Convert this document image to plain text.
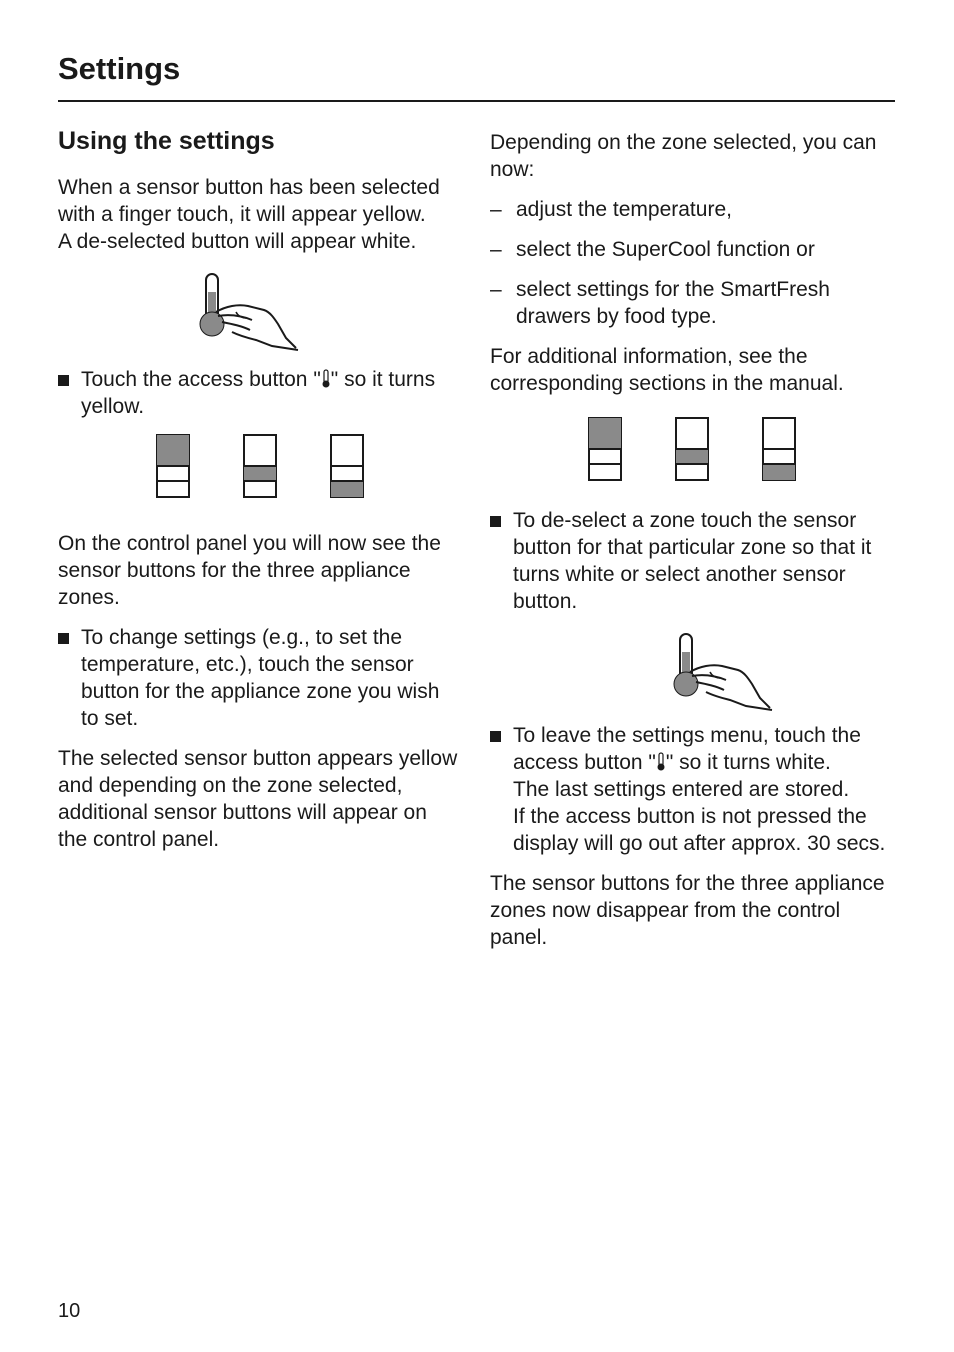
Settings
Using the settings

When a sensor button has been selected with a finger touch, it will appear yellow.
A de-selected button will appear white.

Touch the access button " " so it turns yellow.

On the control panel you will now see the sensor buttons for the three appliance zones.

To change settings (e.g., to set the temperature, etc.), touch the sensor button for the appliance zone you wish to set.

The selected sensor button appears yellow and depending on the zone selected, additional sensor buttons will appear on the control panel.

Depending on the zone selected, you can now:

– adjust the temperature,
– select the SuperCool function or
– select settings for the SmartFresh drawers by food type.

For additional information, see the corresponding sections in the manual.

To de-select a zone touch the sensor button for that particular zone so that it turns white or select another sensor button.
To leave the settings menu, touch the access button " " so it turns white.
The last settings entered are stored.
If the access button is not pressed the display will go out after approx. 30 secs.

The sensor buttons for the three appliance zones now disappear from the control panel.

10
